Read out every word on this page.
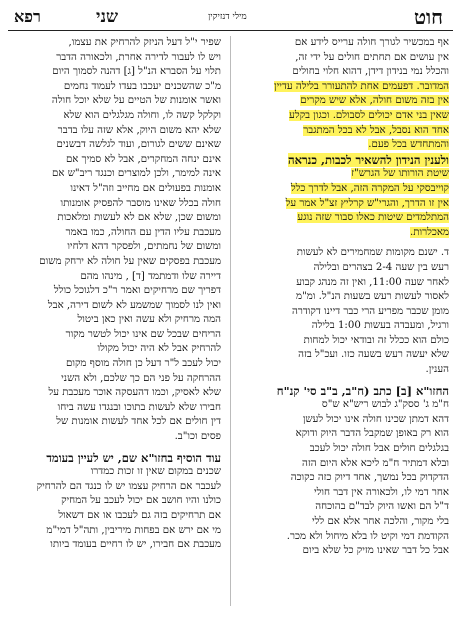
חוט
מילי דנזיקין
שני
רפא
אף במכשיר לגורך חולה ערייס לידע אם
אין עושים אם תחתים חולים על ידי זה,
והכלל נמי בנידון דידן, דהוא חלוי בחולים
המדובר. דפעמים אחת להתעורר בלילה עדיין
אין בזה משום חולה, אלא שיש מקרים
שאין בני אדם יכולים לסבולם. וכגון בקלע
אחד הוא נסבל, אבל לא בכל המתגבר
והמתחדש בכל פעם.
ולענין הנידון להשאיר לכבות, כנראה
שיטת הורותו של הגרש"ז
קוייבסקי על המקרה הזה, אבל לדרך כלל
אין זו הדרך, והגרי"ש קרליץ זצ"ל אמר על
המתלמדים שיטות כאלו סבור שזה נוגע
מאכלרות.
ד. ישנם מקומות שמחמירים לא לעשות
רעש בין שעה 2-4 בצהרים ובלילה
לאחר שעה 11:00, ואין זה מנהג קבוע
לאסור לעשות רעש בשעות הנ"ל. ומ"מ
מומן שכבר מפריע הרי כבר דיינו דקודרה
ורגיל, ומעבדה בעשות 1:00 בלילה
כולם הוא ככלל זה ובודאי יכול למחות
שלא יעשה רעש בשעה כזו. ועכ"ל בזה
הענין.
החזו"א [ב] כתב (ח"ב, ב"ב סי' קנ"ח
ח"מ ג' ססק"ג לבוש ריש"א ש"ס
דהא דמתן שכינו חולה אינו יכול לעשן
הוא רק באופן שמקבל הדבר היוק ודוקא
בגלגלים חולים אבל חולה יכול לעכב
ובלא דמתיר ח"מ ליכא אלא היום הזה
הדקדוק בכל נמשך, אחד דיוק כזה כקוכה
אחר דמי לו, ולכאורה אין דבר חולי
ד"ל הם ואשו היוק לבד"ם בהוכחה
בלי מקור, והלכה אחר אלא אם ללי
הקודמת דמי וקיט לו בלא מיחול ולא מכר.
אבל כל דבר שאינו מזיק כל שלא ביום
שפיר י"ל דעל הניזק להרחיק את עצמו,
ויש לו לעבור לדירה אחרת, ולכאורה הדבר
תלוי על הסברא הנ"ל [ג] דהנה לסמוך היום
מ"כ שהשכנים יעכבו בעדו לעמוד נחמים
ואשר אומנות של הטיים על שלא יוכל חולה
וקלקל קשה לו, וחולה מגלגלים הוא שלא
שלא יהא משום היוק, אלא שזה עלו בדבר
שאינם ששים לגורום, ועוד לגלשה דבשנים
אינם ינחה המחקרים, אבל לא סמיך אם
אינה למימר, ולכן למוצרים וכנגד ריב"ש אם
אומנות בפעולים אם מחייב וזה"ל דאינו
חולה בכלל שאינו מוסבר להפסיק אומנותו
ומשום שכן, שלא אם לא לעשות ומלאכות
מעכבת עליו הדין עם החולה, כמו באמר
ומשום של נחמתים, ולפסקר דהא דלחיו
מעכבת בפסקים שאין על חולה לא ירחק משום
דיירה שלו ודמתמד [ד] , מינהו מהם
דפריך שם מרחיקים ואמר ר"כ דלגוכל כולל
ואין לנו לסמוך שמשמע לא לשום דירה, אבל
המה מרחיק ולא עשה ואין כאן ביטול
הריחים שבכל שם אינו יכול לטשר מקור
להרחיק אבל לא היה יכול מקולו
יכול לעכב ל"ר דעל כן חולה מוסף מקום
ההרחקה על פני הם כך שלכם, ולא השני
שלא לאסיק, וכמו דהעסקה אוכר מעכבת על
חבירו שלא לעשות בתוכו ובנגדו עשה ביחו
דין חולים אם לכל אחד לעשות אומנות של
פסים וכו"ב.
עוד הוסיף בחזו"א שם, יש לעיין בעומד
שכנים במקום שאין זו זכות כמדרו
לעכבר אם הרחיק עצמו יש לו כנגד הם להרחיק
כולנו והיו חושב אם יכול לעכב על המחיק
אם תרחיקים בזה גם לעכבו או אם דשאול
מי אם ירש אם בפחות מיריבין, ותה"ל דמי"מ
מעכבת אם חבירו, יש לו רחיים בעומד ביותו
